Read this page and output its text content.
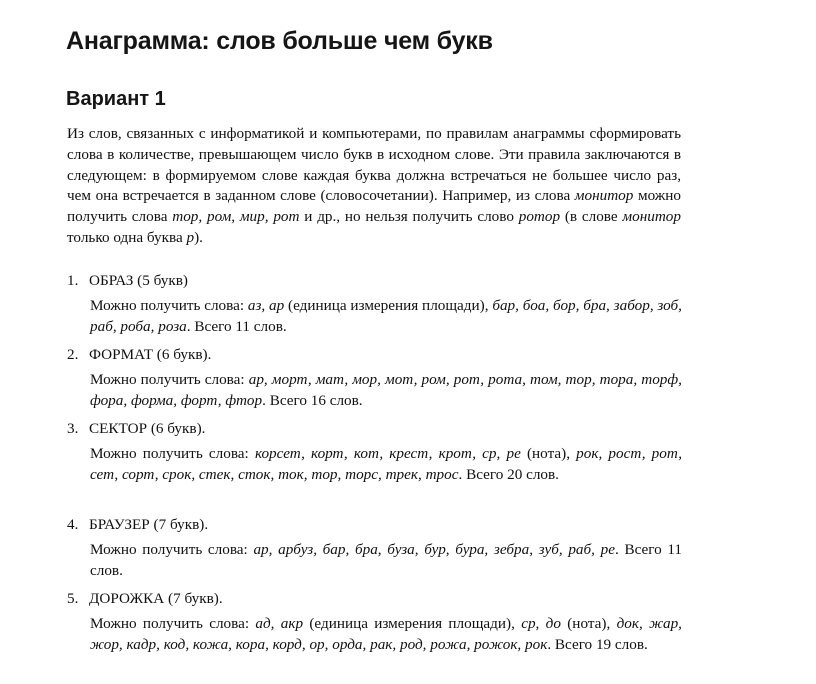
Анаграмма: слов больше чем букв
Вариант 1
Из слов, связанных с информатикой и компьютерами, по правилам анаграммы сформировать слова в количестве, превышающем число букв в исходном слове. Эти правила заключаются в следующем: в формируемом слове каждая буква должна встречаться не большее число раз, чем она встречается в заданном слове (словосочетании). Например, из слова монитор можно получить слова тор, ром, мир, рот и др., но нельзя получить слово ротор (в слове монитор только одна буква р).
1. ОБРАЗ (5 букв)
Можно получить слова: аз, ар (единица измерения площади), бар, боа, бор, бра, забор, зоб, раб, роба, роза. Всего 11 слов.
2. ФОРМАТ (6 букв).
Можно получить слова: ар, морт, мат, мор, мот, ром, рот, рота, том, тор, тора, торф, фора, форма, форт, фтор. Всего 16 слов.
3. СЕКТОР (6 букв).
Можно получить слова: корсет, корт, кот, крест, крот, ср, ре (нота), рок, рост, рот, сет, сорт, срок, стек, сток, ток, тор, торс, трек, трос. Всего 20 слов.
4. БРАУЗЕР (7 букв).
Можно получить слова: ар, арбуз, бар, бра, буза, бур, бура, зебра, зуб, раб, ре. Всего 11 слов.
5. ДОРОЖКА (7 букв).
Можно получить слова: ад, акр (единица измерения площади), ср, до (нота), док, жар, жор, кадр, код, кожа, кора, корд, ор, орда, рак, род, рожа, рожок, рок. Всего 19 слов.
